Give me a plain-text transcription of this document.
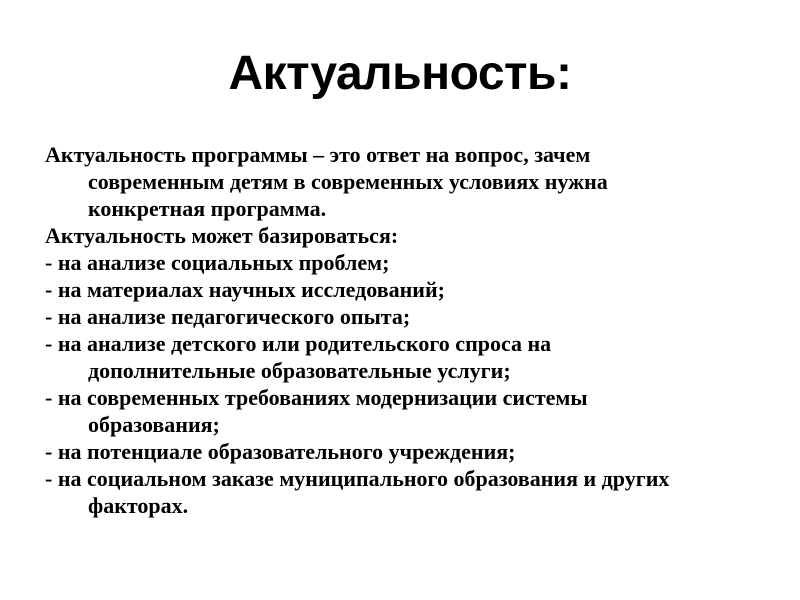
Актуальность:
Актуальность программы – это ответ на вопрос, зачем
современным детям в современных условиях нужна
конкретная программа.
Актуальность может базироваться:
- на анализе социальных проблем;
- на материалах научных исследований;
- на анализе педагогического опыта;
- на анализе детского или родительского спроса на
дополнительные образовательные услуги;
- на современных требованиях модернизации системы
образования;
- на потенциале образовательного учреждения;
- на социальном заказе муниципального образования и других
факторах.
